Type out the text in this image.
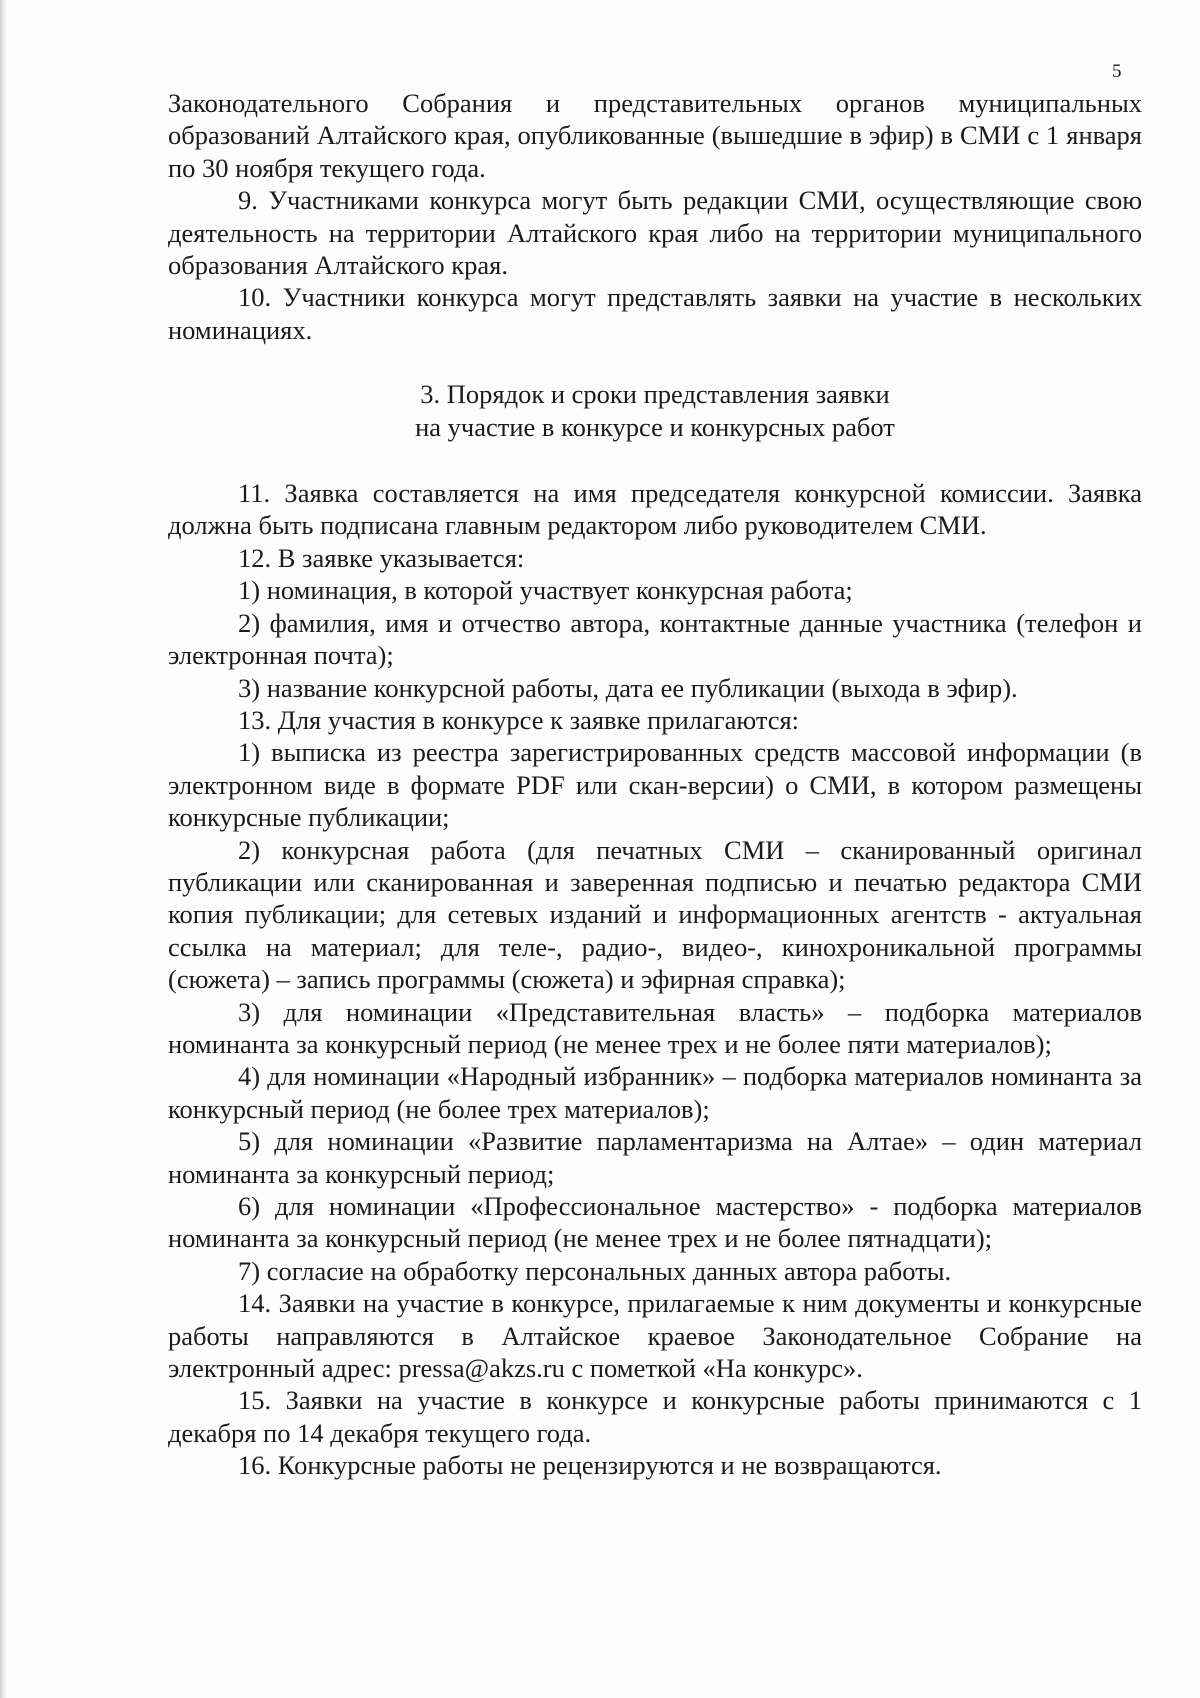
5

Законодательного Собрания и представительных органов муниципальных образований Алтайского края, опубликованные (вышедшие в эфир) в СМИ с 1 января по 30 ноября текущего года.

9. Участниками конкурса могут быть редакции СМИ, осуществляющие свою деятельность на территории Алтайского края либо на территории муниципального образования Алтайского края.

10. Участники конкурса могут представлять заявки на участие в нескольких номинациях.

3. Порядок и сроки представления заявки
на участие в конкурсе и конкурсных работ

11. Заявка составляется на имя председателя конкурсной комиссии. Заявка должна быть подписана главным редактором либо руководителем СМИ.

12. В заявке указывается:

1) номинация, в которой участвует конкурсная работа;

2) фамилия, имя и отчество автора, контактные данные участника (телефон и электронная почта);

3) название конкурсной работы, дата ее публикации (выхода в эфир).

13. Для участия в конкурсе к заявке прилагаются:

1) выписка из реестра зарегистрированных средств массовой информации (в электронном виде в формате PDF или скан-версии) о СМИ, в котором размещены конкурсные публикации;

2) конкурсная работа (для печатных СМИ – сканированный оригинал публикации или сканированная и заверенная подписью и печатью редактора СМИ копия публикации; для сетевых изданий и информационных агентств - актуальная ссылка на материал; для теле-, радио-, видео-, кинохроникальной программы (сюжета) – запись программы (сюжета) и эфирная справка);

3) для номинации «Представительная власть» – подборка материалов номинанта за конкурсный период (не менее трех и не более пяти материалов);

4) для номинации «Народный избранник» – подборка материалов номинанта за конкурсный период (не более трех материалов);

5) для номинации «Развитие парламентаризма на Алтае» – один материал номинанта за конкурсный период;

6) для номинации «Профессиональное мастерство» - подборка материалов номинанта за конкурсный период (не менее трех и не более пятнадцати);

7) согласие на обработку персональных данных автора работы.

14. Заявки на участие в конкурсе, прилагаемые к ним документы и конкурсные работы направляются в Алтайское краевое Законодательное Собрание на электронный адрес: pressa@akzs.ru с пометкой «На конкурс».

15. Заявки на участие в конкурсе и конкурсные работы принимаются с 1 декабря по 14 декабря текущего года.

16. Конкурсные работы не рецензируются и не возвращаются.
